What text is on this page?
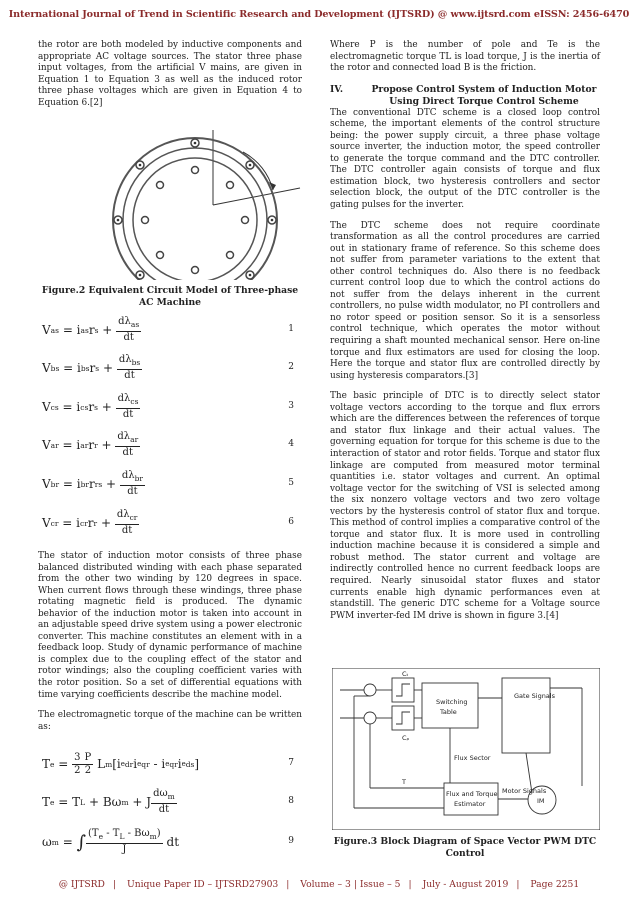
International Journal of Trend in Scientific Research and Development (IJTSRD) @ www.ijtsrd.com eISSN: 2456-6470

the rotor are both modeled by inductive components and appropriate AC voltage sources. The stator three phase input voltages, from the artificial V mains, are given in Equation 1 to Equation 3 as well as the induced rotor three phase voltages which are given in Equation 4 to Equation 6.[2]

Figure.2 Equivalent Circuit Model of Three-phase AC Machine
V as = i as r $s + \frac{d\lambda_{as}}{dt}$	1
V bs = i bs r $s + \frac{d\lambda_{bs}}{dt}$	2
V cs = i cs r $s + \frac{d\lambda_{cs}}{dt}$	3
V ar = i ar r $r + \frac{d\lambda_{ar}}{dt}$	4
V br = i br r rs + $\frac{d\lambda_{br}}{dt}$	5
V cr = i cr r $r + \frac{d\lambda_{cr}}{dt}$	6

The stator of induction motor consists of three phase balanced distributed winding with each phase separated from the other two winding by 120 degrees in space. When current flows through these windings, three phase rotating magnetic field is produced. The dynamic behavior of the induction motor is taken into account in an adjustable speed drive system using a power electronic converter. This machine constitutes an element with in a feedback loop. Study of dynamic performance of machine is complex due to the coupling effect of the stator and rotor windings; also the coupling coefficient varies with the rotor position. So a set of differential equations with time varying coefficients describe the machine model.

The electromagnetic torque of the machine can be written as:

T $e = \frac{3}{2} \frac{P}{2}$ L m [i e dr i e qr - i e qr i e ds ]	7
T e = T L + Bω m + J $\frac{d\omega_m}{dt}$	8
ω m = ∫ $\frac{(T_e - T_L - B\omega_m)}{J}$ dt	9

Where P is the number of pole and Te is the electromagnetic torque TL is load torque, J is the inertia of the rotor and connected load B is the friction.

IV.	Propose Control System of Induction Motor Using Direct Torque Control Scheme

The conventional DTC scheme is a closed loop control scheme, the important elements of the control structure being: the power supply circuit, a three phase voltage source inverter, the induction motor, the speed controller to generate the torque command and the DTC controller. The DTC controller again consists of torque and flux estimation block, two hysteresis controllers and sector selection block, the output of the DTC controller is the gating pulses for the inverter.

The DTC scheme does not require coordinate transformation as all the control procedures are carried out in stationary frame of reference. So this scheme does not suffer from parameter variations to the extent that other control techniques do. Also there is no feedback current control loop due to which the control actions do not suffer from the delays inherent in the current controllers, no pulse width modulator, no PI controllers and no rotor speed or position sensor. So it is a sensorless control technique, which operates the motor without requiring a shaft mounted mechanical sensor. Here on-line torque and flux estimators are used for closing the loop. Here the torque and stator flux are controlled directly by using hysteresis comparators.[3]

The basic principle of DTC is to directly select stator voltage vectors according to the torque and flux errors which are the differences between the references of torque and stator flux linkage and their actual values. The governing equation for torque for this scheme is due to the interaction of stator and rotor fields. Torque and stator flux linkage are computed from measured motor terminal quantities i.e. stator voltages and current. An optimal voltage vector for the switching of VSI is selected among the six nonzero voltage vectors and two zero voltage vectors by the hysteresis control of stator flux and torque. This method of control implies a comparative control of the torque and stator flux. It is more used in controlling induction machine because it is considered a simple and robust method. The stator current and voltage are indirectly controlled hence no current feedback loops are required. Nearly sinusoidal stator fluxes and stator currents enable high dynamic performances even at standstill. The generic DTC scheme for a Voltage source PWM inverter-fed IM drive is shown in figure 3.[4]

Switching
Table
Gate Signals
Flux Sector
Flux and Torque
Estimator
Motor Signals
IM
Cₜ
Cᵨ
T
Figure.3 Block Diagram of Space Vector PWM DTC Control
@ IJTSRD | Unique Paper ID – IJTSRD27903 | Volume – 3 | Issue – 5 | July - August 2019 | Page 2251
